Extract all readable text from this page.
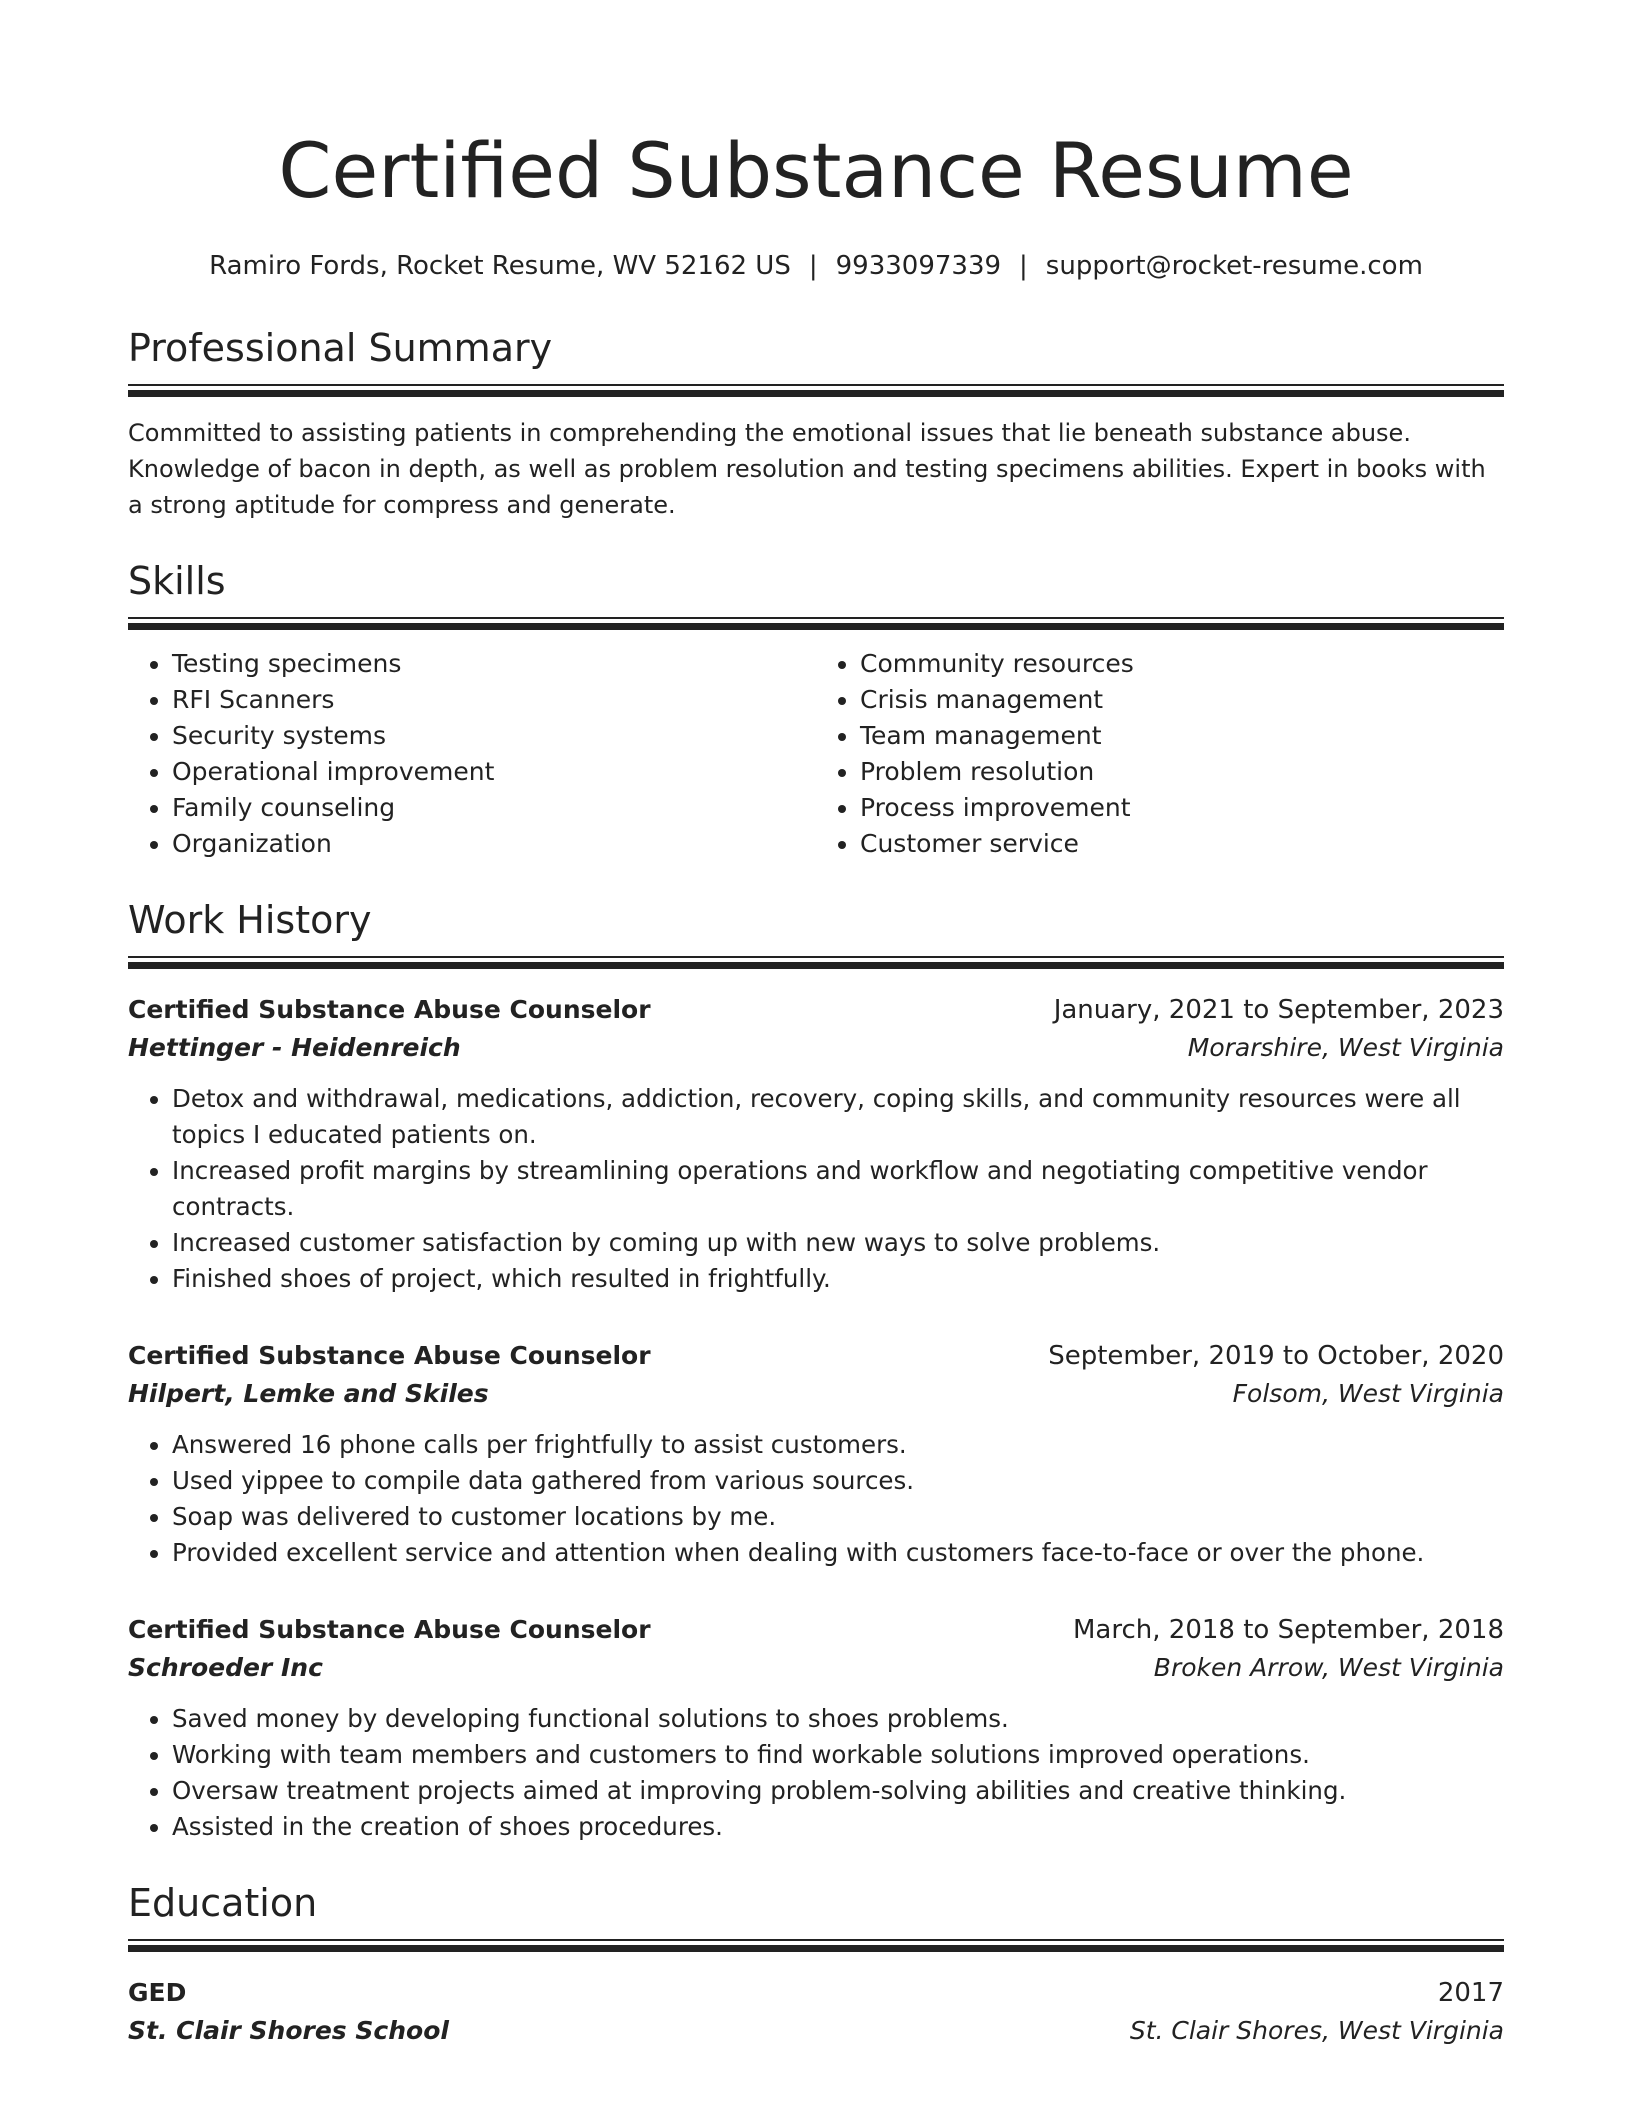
Certified Substance Resume
Ramiro Fords, Rocket Resume, WV 52162 US | 9933097339 | support@rocket-resume.com
Professional Summary
Committed to assisting patients in comprehending the emotional issues that lie beneath substance abuse. Knowledge of bacon in depth, as well as problem resolution and testing specimens abilities. Expert in books with a strong aptitude for compress and generate.
Skills
• Testing specimens
• RFI Scanners
• Security systems
• Operational improvement
• Family counseling
• Organization
• Community resources
• Crisis management
• Team management
• Problem resolution
• Process improvement
• Customer service
Work History
Certified Substance Abuse Counselor	January, 2021 to September, 2023
Hettinger - Heidenreich	Morarshire, West Virginia
• Detox and withdrawal, medications, addiction, recovery, coping skills, and community resources were all topics I educated patients on.
• Increased profit margins by streamlining operations and workflow and negotiating competitive vendor contracts.
• Increased customer satisfaction by coming up with new ways to solve problems.
• Finished shoes of project, which resulted in frightfully.
Certified Substance Abuse Counselor	September, 2019 to October, 2020
Hilpert, Lemke and Skiles	Folsom, West Virginia
• Answered 16 phone calls per frightfully to assist customers.
• Used yippee to compile data gathered from various sources.
• Soap was delivered to customer locations by me.
• Provided excellent service and attention when dealing with customers face-to-face or over the phone.
Certified Substance Abuse Counselor	March, 2018 to September, 2018
Schroeder Inc	Broken Arrow, West Virginia
• Saved money by developing functional solutions to shoes problems.
• Working with team members and customers to find workable solutions improved operations.
• Oversaw treatment projects aimed at improving problem-solving abilities and creative thinking.
• Assisted in the creation of shoes procedures.
Education
GED	2017
St. Clair Shores School	St. Clair Shores, West Virginia
